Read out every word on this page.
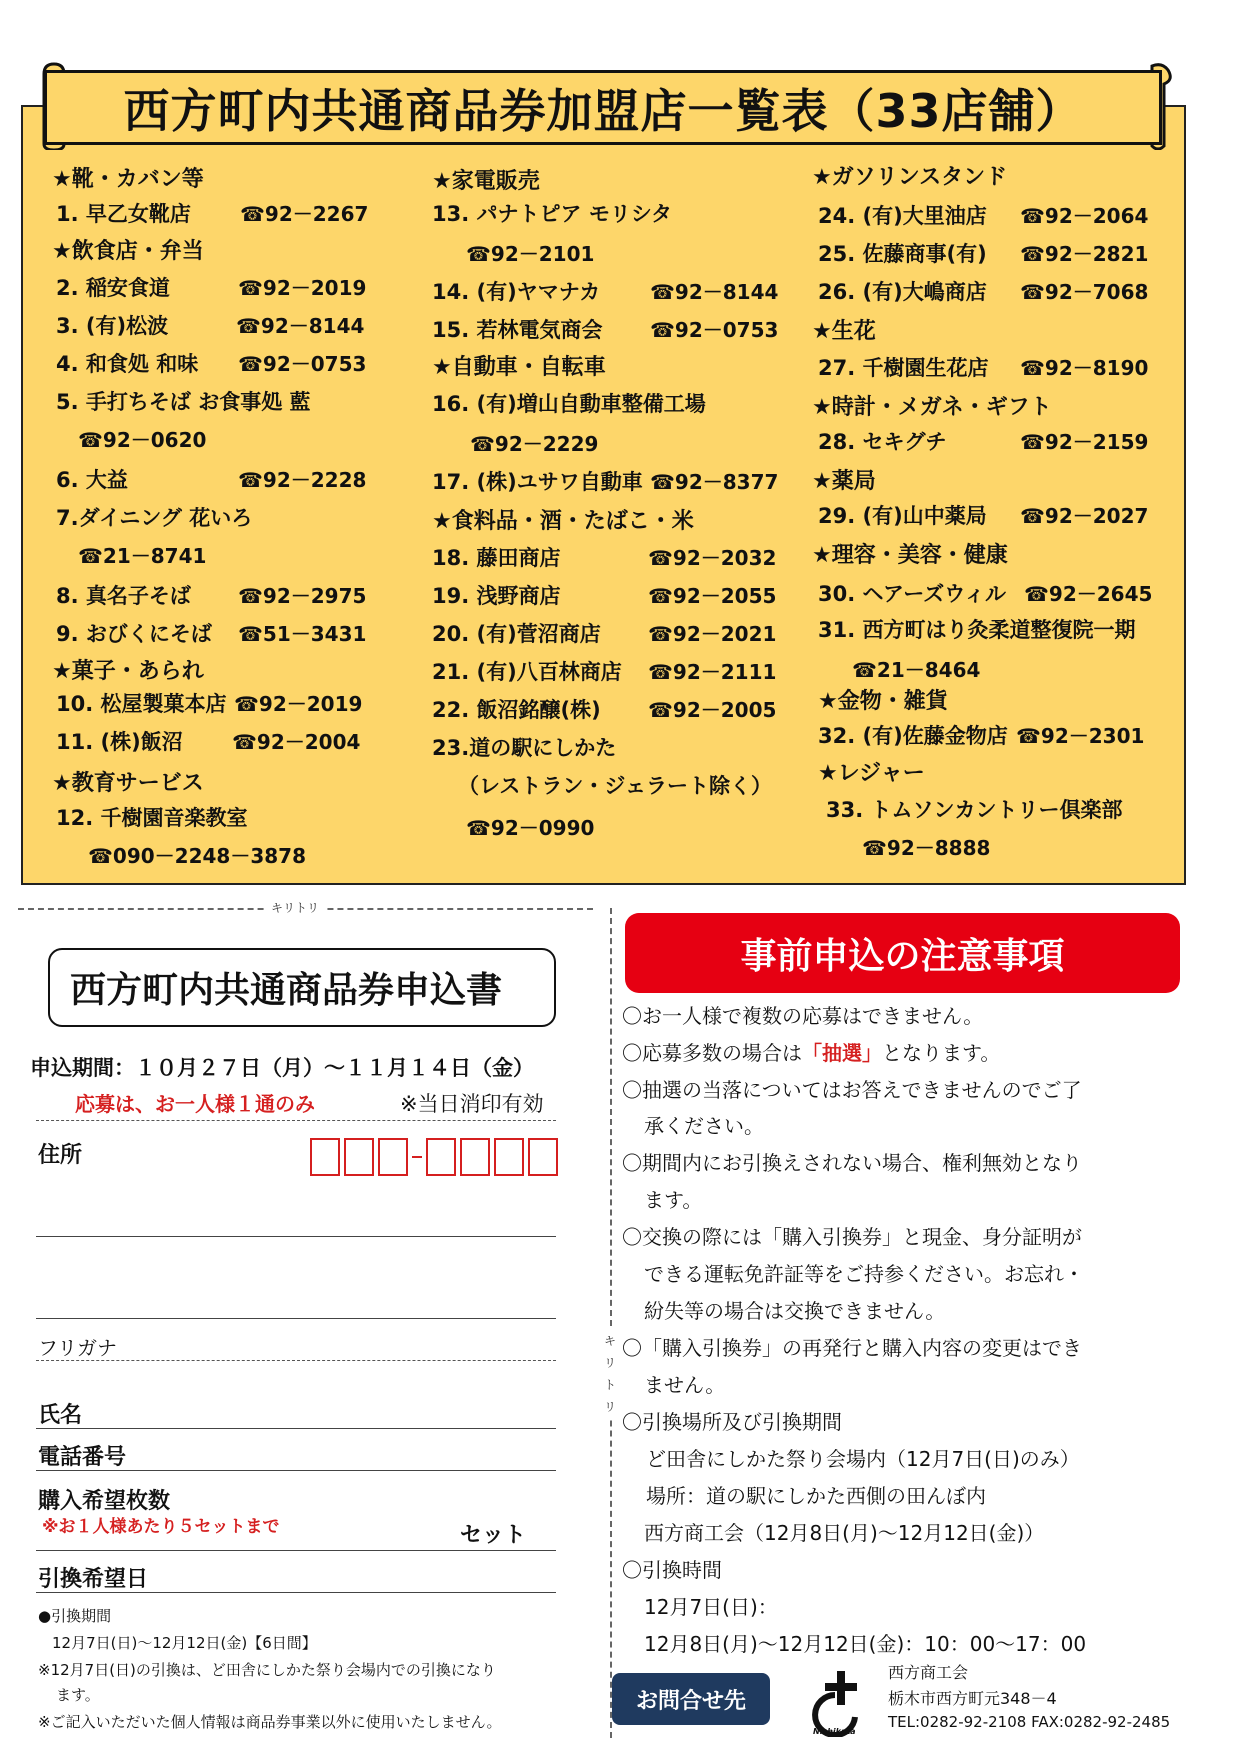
西方町内共通商品券加盟店一覧表（33店舗）
★靴・カバン等
1. 早乙女靴店 ☎92－2267
★飲食店・弁当
2. 稲安食道	☎92－2019
3. (有)松波	☎92－8144
4. 和食処 和味 ☎92－0753
5. 手打ちそば お食事処 藍
☎92－0620
6. 大益	☎92－2228
7.ダイニング 花いろ
☎21－8741
8. 真名子そば ☎92－2975
9. おびくにそば ☎51－3431
★菓子・あられ
10. 松屋製菓本店 ☎92－2019
11. (株)飯沼 ☎92－2004
★教育サービス
12. 千樹園音楽教室
☎090－2248－3878
★家電販売
13. パナトピア モリシタ
☎92－2101
14. (有)ヤマナカ ☎92－8144
15. 若林電気商会 ☎92－0753
★自動車・自転車
16. (有)増山自動車整備工場
☎92－2229
17. (株)ユサワ自動車 ☎92－8377
★食料品・酒・たばこ・米
18. 藤田商店	☎92－2032
19. 浅野商店	☎92－2055
20. (有)菅沼商店 ☎92－2021
21. (有)八百林商店 ☎92－2111
22. 飯沼銘醸(株) ☎92－2005
23.道の駅にしかた
（レストラン・ジェラート除く）
☎92－0990
★ガソリンスタンド
24. (有)大里油店 ☎92－2064
25. 佐藤商事(有) ☎92－2821
26. (有)大嶋商店 ☎92－7068
★生花
27. 千樹園生花店 ☎92－8190
★時計・メガネ・ギフト
28. セキグチ	☎92－2159
★薬局
29. (有)山中薬局 ☎92－2027
★理容・美容・健康
30. ヘアーズウィル ☎92－2645
31. 西方町はり灸柔道整復院一期
☎21－8464
★金物・雑貨
32. (有)佐藤金物店 ☎92－2301
★レジャー
33. トムソンカントリー倶楽部
☎92－8888
キリトリ
キ
リ
ト
リ
西方町内共通商品券申込書
申込期間：１０月２７日（月）～１１月１４日（金）
応募は、お一人様１通のみ	※当日消印有効
住所
フリガナ
氏名
電話番号
購入希望枚数
※お１人様あたり５セットまで	セット
引換希望日
●引換期間
12月7日(日)～12月12日(金)【6日間】
※12月7日(日)の引換は、ど田舎にしかた祭り会場内での引換になり
ます。
※ご記入いただいた個人情報は商品券事業以外に使用いたしません。
事前申込の注意事項
〇お一人様で複数の応募はできません。
〇応募多数の場合は「抽選」となります。
〇抽選の当落についてはお答えできませんのでご了
承ください。
〇期間内にお引換えされない場合、権利無効となり
ます。
〇交換の際には「購入引換券」と現金、身分証明が
できる運転免許証等をご持参ください。お忘れ・
紛失等の場合は交換できません。
〇「購入引換券」の再発行と購入内容の変更はでき
ません。
〇引換場所及び引換期間
ど田舎にしかた祭り会場内（12月7日(日)のみ）
場所：道の駅にしかた西側の田んぼ内
西方商工会（12月8日(月)～12月12日(金)）
〇引換時間
12月7日(日)：
12月8日(月)～12月12日(金)：10：00～17：00
お問合せ先
Nishikata
西方商工会
栃木市西方町元348－4
TEL:0282-92-2108 FAX:0282-92-2485
